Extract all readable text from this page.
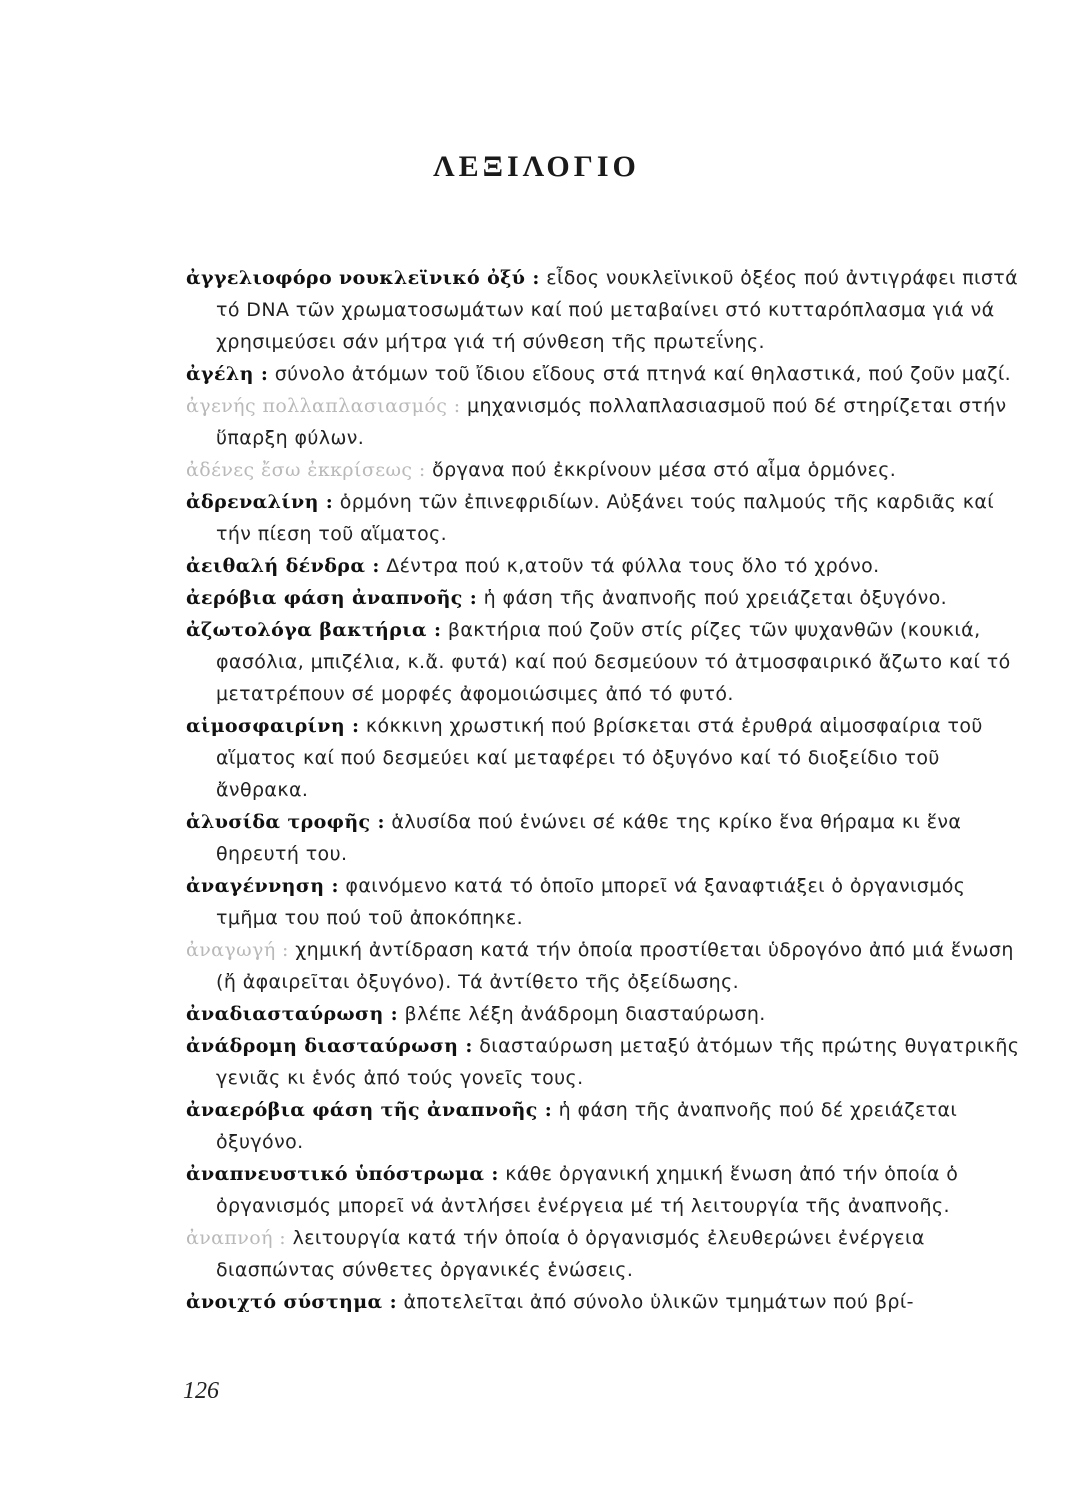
ΛΕΞΙΛΟΓΙΟ

ἀγγελιοφόρο νουκλεϊνικό ὀξύ : εἶδος νουκλεϊνικοῦ ὀξέος πού ἀντιγράφει πιστά τό DNA τῶν χρωματοσωμάτων καί πού μεταβαίνει στό κυτταρόπλασμα γιά νά χρησιμεύσει σάν μήτρα γιά τή σύνθεση τῆς πρωτεΐνης.

ἀγέλη : σύνολο ἀτόμων τοῦ ἴδιου εἴδους στά πτηνά καί θηλαστικά, πού ζοῦν μαζί.

ἀγενής πολλαπλασιασμός : μηχανισμός πολλαπλασιασμοῦ πού δέ στηρίζεται στήν ὕπαρξη φύλων.

ἀδένες ἔσω ἐκκρίσεως : ὄργανα πού ἐκκρίνουν μέσα στό αἷμα ὁρμόνες.

ἀδρεναλίνη : ὁρμόνη τῶν ἐπινεφριδίων. Αὐξάνει τούς παλμούς τῆς καρδιᾶς καί τήν πίεση τοῦ αἵματος.

ἀειθαλή δένδρα : Δέντρα πού κ,ατοῦν τά φύλλα τους ὅλο τό χρόνο.

ἀερόβια φάση ἀναπνοῆς : ἡ φάση τῆς ἀναπνοῆς πού χρειάζεται ὀξυγόνο.

ἀζωτολόγα βακτήρια : βακτήρια πού ζοῦν στίς ρίζες τῶν ψυχανθῶν (κουκιά, φασόλια, μπιζέλια, κ.ἄ. φυτά) καί πού δεσμεύουν τό ἀτμοσφαιρικό ἄζωτο καί τό μετατρέπουν σέ μορφές ἀφομοιώσιμες ἀπό τό φυτό.

αἱμοσφαιρίνη : κόκκινη χρωστική πού βρίσκεται στά ἐρυθρά αἱμοσφαίρια τοῦ αἵματος καί πού δεσμεύει καί μεταφέρει τό ὀξυγόνο καί τό διοξείδιο τοῦ ἄνθρακα.

ἁλυσίδα τροφῆς : ἁλυσίδα πού ἑνώνει σέ κάθε της κρίκο ἕνα θήραμα κι ἕνα θηρευτή του.

ἀναγέννηση : φαινόμενο κατά τό ὁποῖο μπορεῖ νά ξαναφτιάξει ὁ ὀργανισμός τμῆμα του πού τοῦ ἀποκόπηκε.

ἀναγωγή : χημική ἀντίδραση κατά τήν ὁποία προστίθεται ὑδρογόνο ἀπό μιά ἕνωση (ἤ ἀφαιρεῖται ὀξυγόνο). Τά ἀντίθετο τῆς ὀξείδωσης.

ἀναδιασταύρωση : βλέπε λέξη ἀνάδρομη διασταύρωση.

ἀνάδρομη διασταύρωση : διασταύρωση μεταξύ ἀτόμων τῆς πρώτης θυγατρικῆς γενιᾶς κι ἑνός ἀπό τούς γονεῖς τους.

ἀναερόβια φάση τῆς ἀναπνοῆς : ἡ φάση τῆς ἀναπνοῆς πού δέ χρειάζεται ὀξυγόνο.

ἀναπνευστικό ὑπόστρωμα : κάθε ὀργανική χημική ἕνωση ἀπό τήν ὁποία ὁ ὀργανισμός μπορεῖ νά ἀντλήσει ἐνέργεια μέ τή λειτουργία τῆς ἀναπνοῆς.

ἀναπνοή : λειτουργία κατά τήν ὁποία ὁ ὀργανισμός ἐλευθερώνει ἐνέργεια διασπώντας σύνθετες ὀργανικές ἑνώσεις.

ἀνοιχτό σύστημα : ἀποτελεῖται ἀπό σύνολο ὑλικῶν τμημάτων πού βρί-

126
